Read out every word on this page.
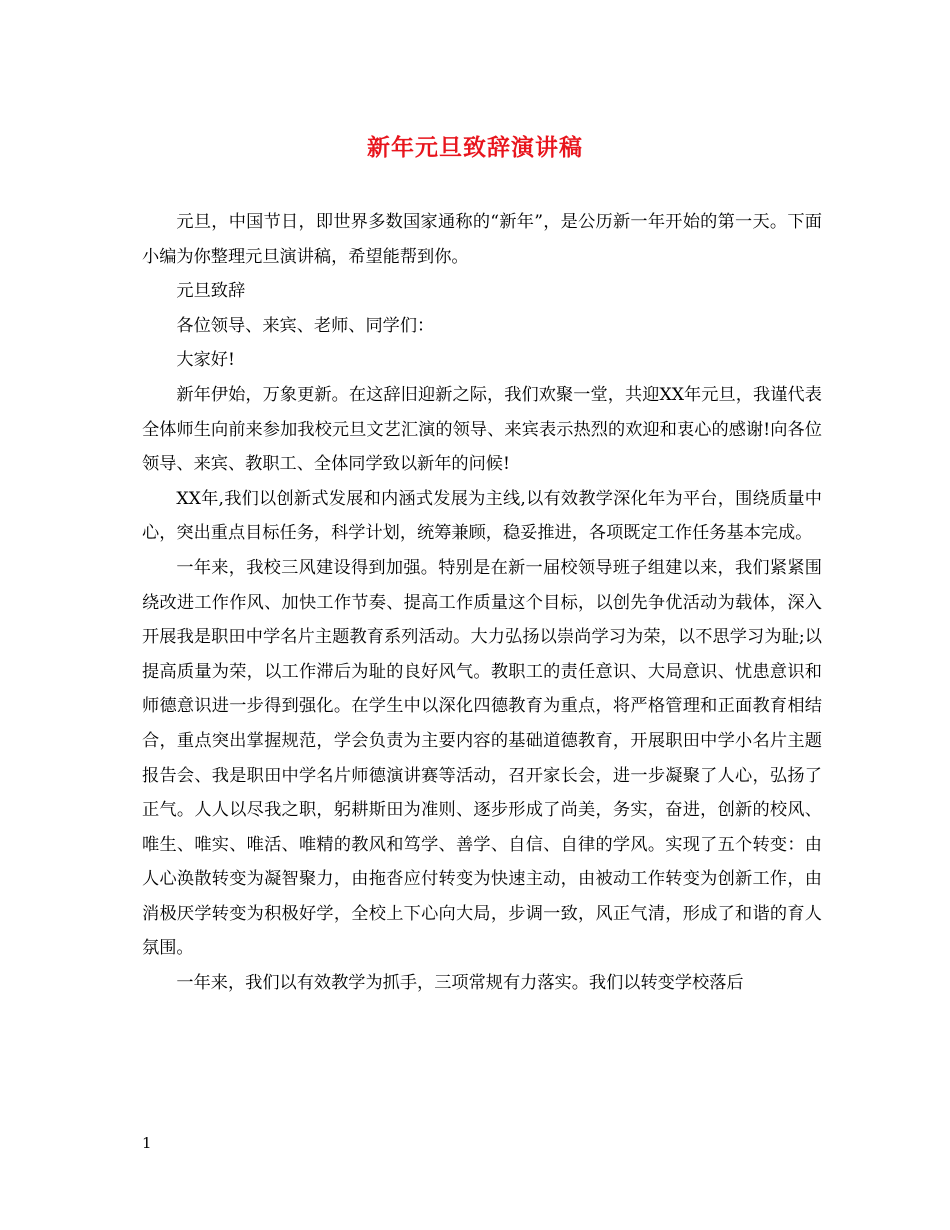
新年元旦致辞演讲稿

元旦，中国节日，即世界多数国家通称的“新年”，是公历新一年开始的第一天。下面小编为你整理元旦演讲稿，希望能帮到你。

元旦致辞

各位领导、来宾、老师、同学们：

大家好!

新年伊始，万象更新。在这辞旧迎新之际，我们欢聚一堂，共迎XX年元旦，我谨代表全体师生向前来参加我校元旦文艺汇演的领导、来宾表示热烈的欢迎和衷心的感谢!向各位领导、来宾、教职工、全体同学致以新年的问候!

XX年,我们以创新式发展和内涵式发展为主线,以有效教学深化年为平台，围绕质量中心，突出重点目标任务，科学计划，统筹兼顾，稳妥推进，各项既定工作任务基本完成。

一年来，我校三风建设得到加强。特别是在新一届校领导班子组建以来，我们紧紧围绕改进工作作风、加快工作节奏、提高工作质量这个目标，以创先争优活动为载体，深入开展我是职田中学名片主题教育系列活动。大力弘扬以崇尚学习为荣，以不思学习为耻;以提高质量为荣，以工作滞后为耻的良好风气。教职工的责任意识、大局意识、忧患意识和师德意识进一步得到强化。在学生中以深化四德教育为重点，将严格管理和正面教育相结合，重点突出掌握规范，学会负责为主要内容的基础道德教育，开展职田中学小名片主题报告会、我是职田中学名片师德演讲赛等活动，召开家长会，进一步凝聚了人心，弘扬了正气。人人以尽我之职，躬耕斯田为准则、逐步形成了尚美，务实，奋进，创新的校风、唯生、唯实、唯活、唯精的教风和笃学、善学、自信、自律的学风。实现了五个转变：由人心涣散转变为凝智聚力，由拖沓应付转变为快速主动，由被动工作转变为创新工作，由消极厌学转变为积极好学，全校上下心向大局，步调一致，风正气清，形成了和谐的育人氛围。

一年来，我们以有效教学为抓手，三项常规有力落实。我们以转变学校落后

1
